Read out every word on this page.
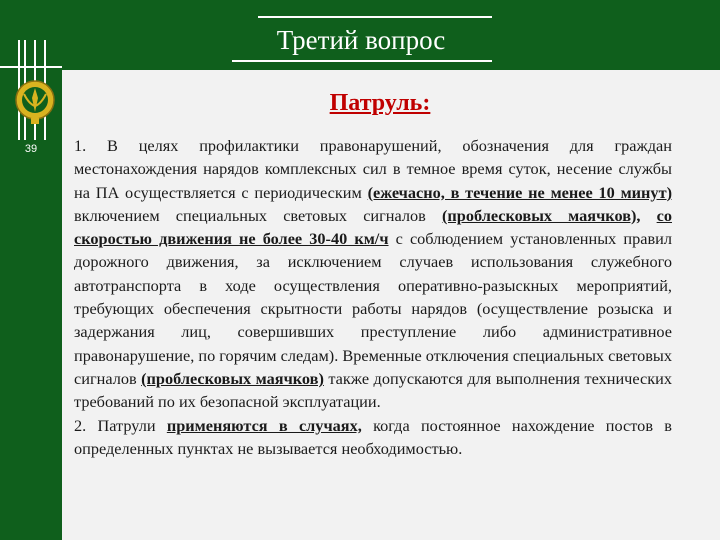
Третий вопрос
39
Патруль:

1. В целях профилактики правонарушений, обозначения для граждан местонахождения нарядов комплексных сил в темное время суток, несение службы на ПА осуществляется с периодическим (ежечасно, в течение не менее 10 минут) включением специальных световых сигналов (проблесковых маячков), со скоростью движения не более 30-40 км/ч с соблюдением установленных правил дорожного движения, за исключением случаев использования служебного автотранспорта в ходе осуществления оперативно-разыскных мероприятий, требующих обеспечения скрытности работы нарядов (осуществление розыска и задержания лиц, совершивших преступление либо административное правонарушение, по горячим следам). Временные отключения специальных световых сигналов (проблесковых маячков) также допускаются для выполнения технических требований по их безопасной эксплуатации.

2. Патрули применяются в случаях, когда постоянное нахождение постов в определенных пунктах не вызывается необходимостью.
